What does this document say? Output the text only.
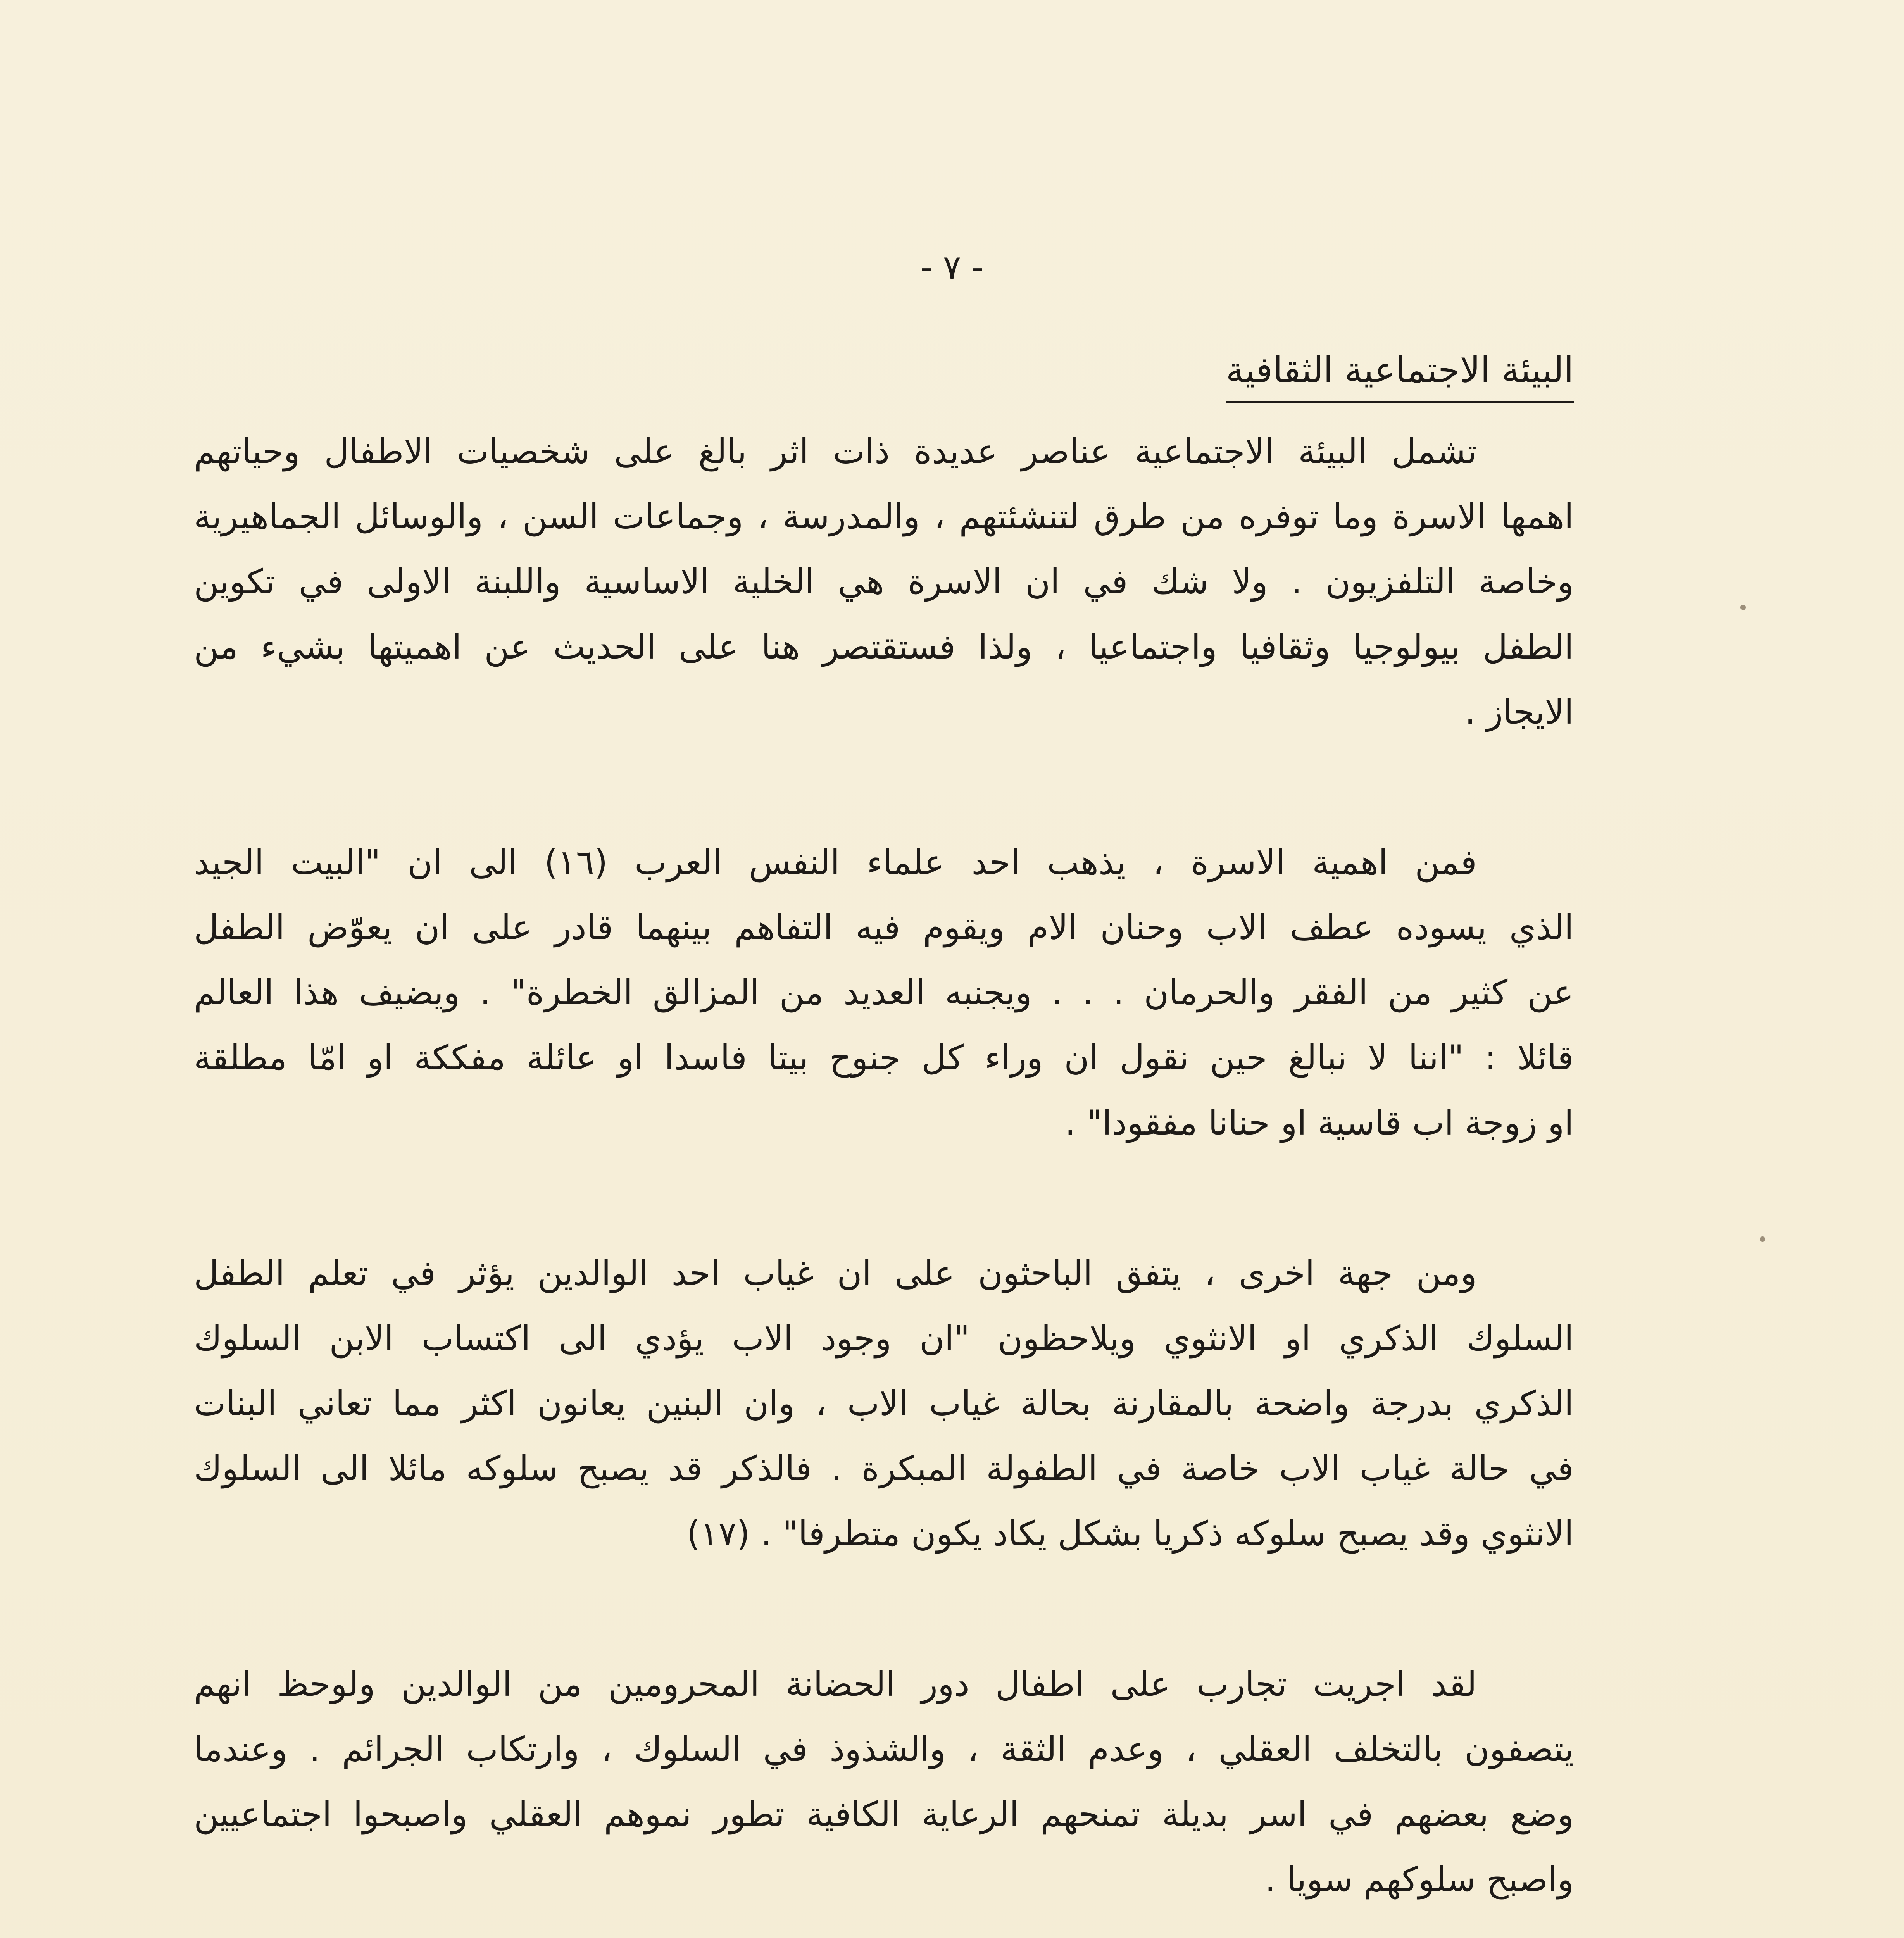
- ٧ -
البيئة الاجتماعية الثقافية
تشمل البيئة الاجتماعية عناصر عديدة ذات اثر بالغ على شخصيات الاطفال وحياتهم
اهمها الاسرة وما توفره من طرق لتنشئتهم ، والمدرسة ، وجماعات السن ، والوسائل الجماهيرية
وخاصة التلفزيون . ولا شك في ان الاسرة هي الخلية الاساسية واللبنة الاولى في تكوين
الطفل بيولوجيا وثقافيا واجتماعيا ، ولذا فستقتصر هنا على الحديث عن اهميتها بشيء من
الايجاز .
فمن اهمية الاسرة ، يذهب احد علماء النفس العرب (١٦) الى ان "البيت الجيد
الذي يسوده عطف الاب وحنان الام ويقوم فيه التفاهم بينهما قادر على ان يعوّض الطفل
عن كثير من الفقر والحرمان . . . ويجنبه العديد من المزالق الخطرة" . ويضيف هذا العالم
قائلا : "اننا لا نبالغ حين نقول ان وراء كل جنوح بيتا فاسدا او عائلة مفككة او امّا مطلقة
او زوجة اب قاسية او حنانا مفقودا" .
ومن جهة اخرى ، يتفق الباحثون على ان غياب احد الوالدين يؤثر في تعلم الطفل
السلوك الذكري او الانثوي ويلاحظون "ان وجود الاب يؤدي الى اكتساب الابن السلوك
الذكري بدرجة واضحة بالمقارنة بحالة غياب الاب ، وان البنين يعانون اكثر مما تعاني البنات
في حالة غياب الاب خاصة في الطفولة المبكرة . فالذكر قد يصبح سلوكه مائلا الى السلوك
الانثوي وقد يصبح سلوكه ذكريا بشكل يكاد يكون متطرفا" . (١٧)
لقد اجريت تجارب على اطفال دور الحضانة المحرومين من الوالدين ولوحظ انهم
يتصفون بالتخلف العقلي ، وعدم الثقة ، والشذوذ في السلوك ، وارتكاب الجرائم . وعندما
وضع بعضهم في اسر بديلة تمنحهم الرعاية الكافية تطور نموهم العقلي واصبحوا اجتماعيين
واصبح سلوكهم سويا .
